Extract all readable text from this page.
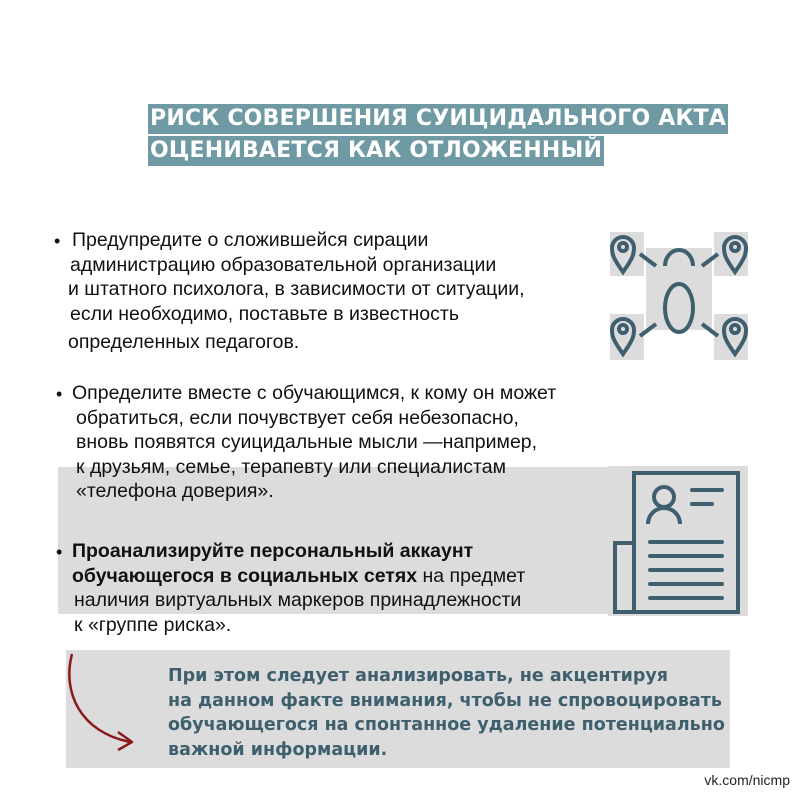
РИСК СОВЕРШЕНИЯ СУИЦИДАЛЬНОГО АКТА
ОЦЕНИВАЕТСЯ КАК ОТЛОЖЕННЫЙ
• Предупредите о сложившейся сирации
администрацию образовательной организации
и штатного психолога, в зависимости от ситуации,
если необходимо, поставьте в известность
определенных педагогов.
• Определите вместе с обучающимся, к кому он может
обратиться, если почувствует себя небезопасно,
вновь появятся суицидальные мысли —например,
к друзьям, семье, терапевту или специалистам
«телефона доверия».
• Проанализируйте персональный аккаунт
обучающегося в социальных сетях на предмет
наличия виртуальных маркеров принадлежности
к «группе риска».
При этом следует анализировать, не акцентируя
на данном факте внимания, чтобы не спровоцировать
обучающегося на спонтанное удаление потенциально
важной информации.
vk.com/nicmp
